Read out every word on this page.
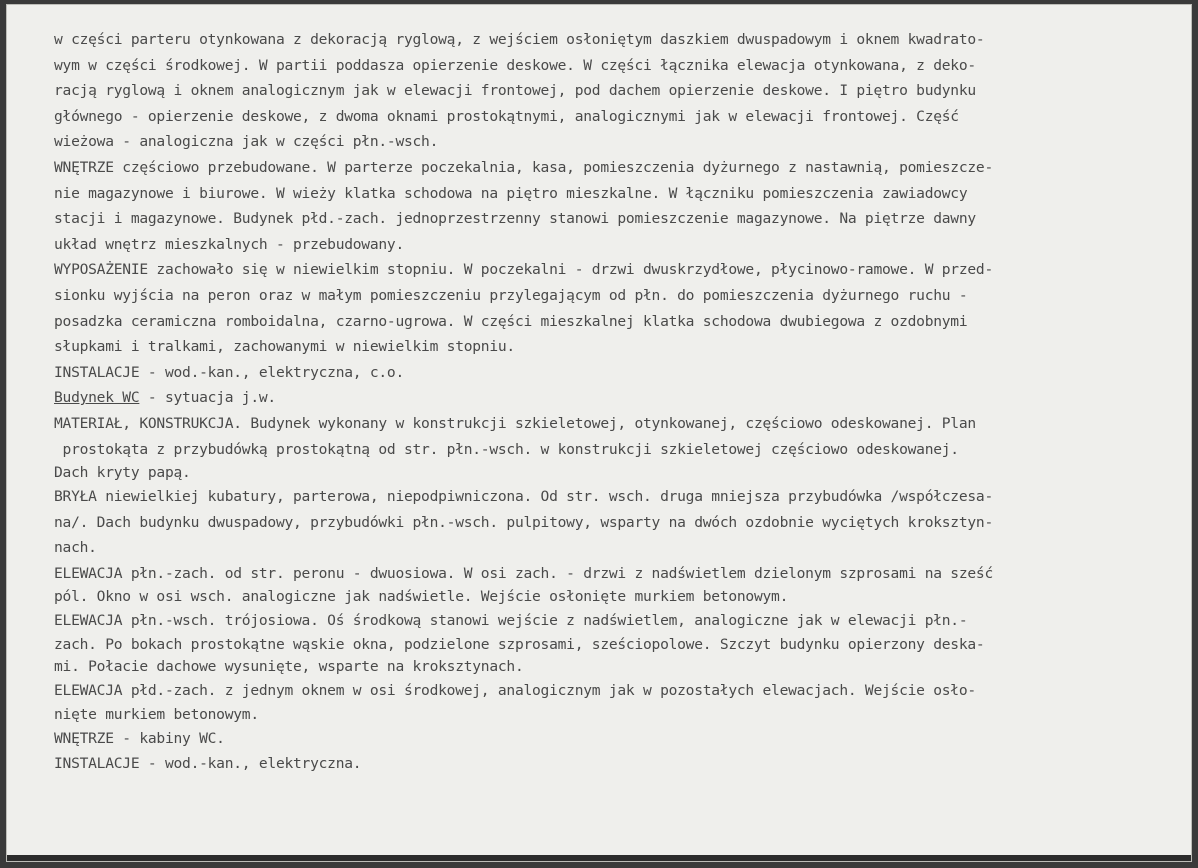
w części parteru otynkowana z dekoracją ryglową, z wejściem osłoniętym daszkiem dwuspadowym i oknem kwadrato-
wym w części środkowej. W partii poddasza opierzenie deskowe. W części łącznika elewacja otynkowana, z deko-
racją ryglową i oknem analogicznym jak w elewacji frontowej, pod dachem opierzenie deskowe. I piętro budynku
głównego - opierzenie deskowe, z dwoma oknami prostokątnymi, analogicznymi jak w elewacji frontowej. Część
wieżowa - analogiczna jak w części płn.-wsch.
WNĘTRZE częściowo przebudowane. W parterze poczekalnia, kasa, pomieszczenia dyżurnego z nastawnią, pomieszcze-
nie magazynowe i biurowe. W wieży klatka schodowa na piętro mieszkalne. W łączniku pomieszczenia zawiadowcy
stacji i magazynowe. Budynek płd.-zach. jednoprzestrzenny stanowi pomieszczenie magazynowe. Na piętrze dawny
układ wnętrz mieszkalnych - przebudowany.
WYPOSAŻENIE zachowało się w niewielkim stopniu. W poczekalni - drzwi dwuskrzydłowe, płycinowo-ramowe. W przed-
sionku wyjścia na peron oraz w małym pomieszczeniu przylegającym od płn. do pomieszczenia dyżurnego ruchu -
posadzka ceramiczna romboidalna, czarno-ugrowa. W części mieszkalnej klatka schodowa dwubiegowa z ozdobnymi
słupkami i tralkami, zachowanymi w niewielkim stopniu.
INSTALACJE - wod.-kan., elektryczna, c.o.
Budynek WC - sytuacja j.w.
MATERIAŁ, KONSTRUKCJA. Budynek wykonany w konstrukcji szkieletowej, otynkowanej, częściowo odeskowanej. Plan
prostokąta z przybudówką prostokątną od str. płn.-wsch. w konstrukcji szkieletowej częściowo odeskowanej.
Dach kryty papą.
BRYŁA niewielkiej kubatury, parterowa, niepodpiwniczona. Od str. wsch. druga mniejsza przybudówka /współczesa-
na/. Dach budynku dwuspadowy, przybudówki płn.-wsch. pulpitowy, wsparty na dwóch ozdobnie wyciętych kroksztyn-
nach.
ELEWACJA płn.-zach. od str. peronu - dwuosiowa. W osi zach. - drzwi z nadświetlem dzielonym szprosami na sześć
pól. Okno w osi wsch. analogiczne jak nadświetle. Wejście osłonięte murkiem betonowym.
ELEWACJA płn.-wsch. trójosiowa. Oś środkową stanowi wejście z nadświetlem, analogiczne jak w elewacji płn.-
zach. Po bokach prostokątne wąskie okna, podzielone szprosami, sześciopolowe. Szczyt budynku opierzony deska-
mi. Połacie dachowe wysunięte, wsparte na kroksztynach.
ELEWACJA płd.-zach. z jednym oknem w osi środkowej, analogicznym jak w pozostałych elewacjach. Wejście osło-
nięte murkiem betonowym.
WNĘTRZE - kabiny WC.
INSTALACJE - wod.-kan., elektryczna.
